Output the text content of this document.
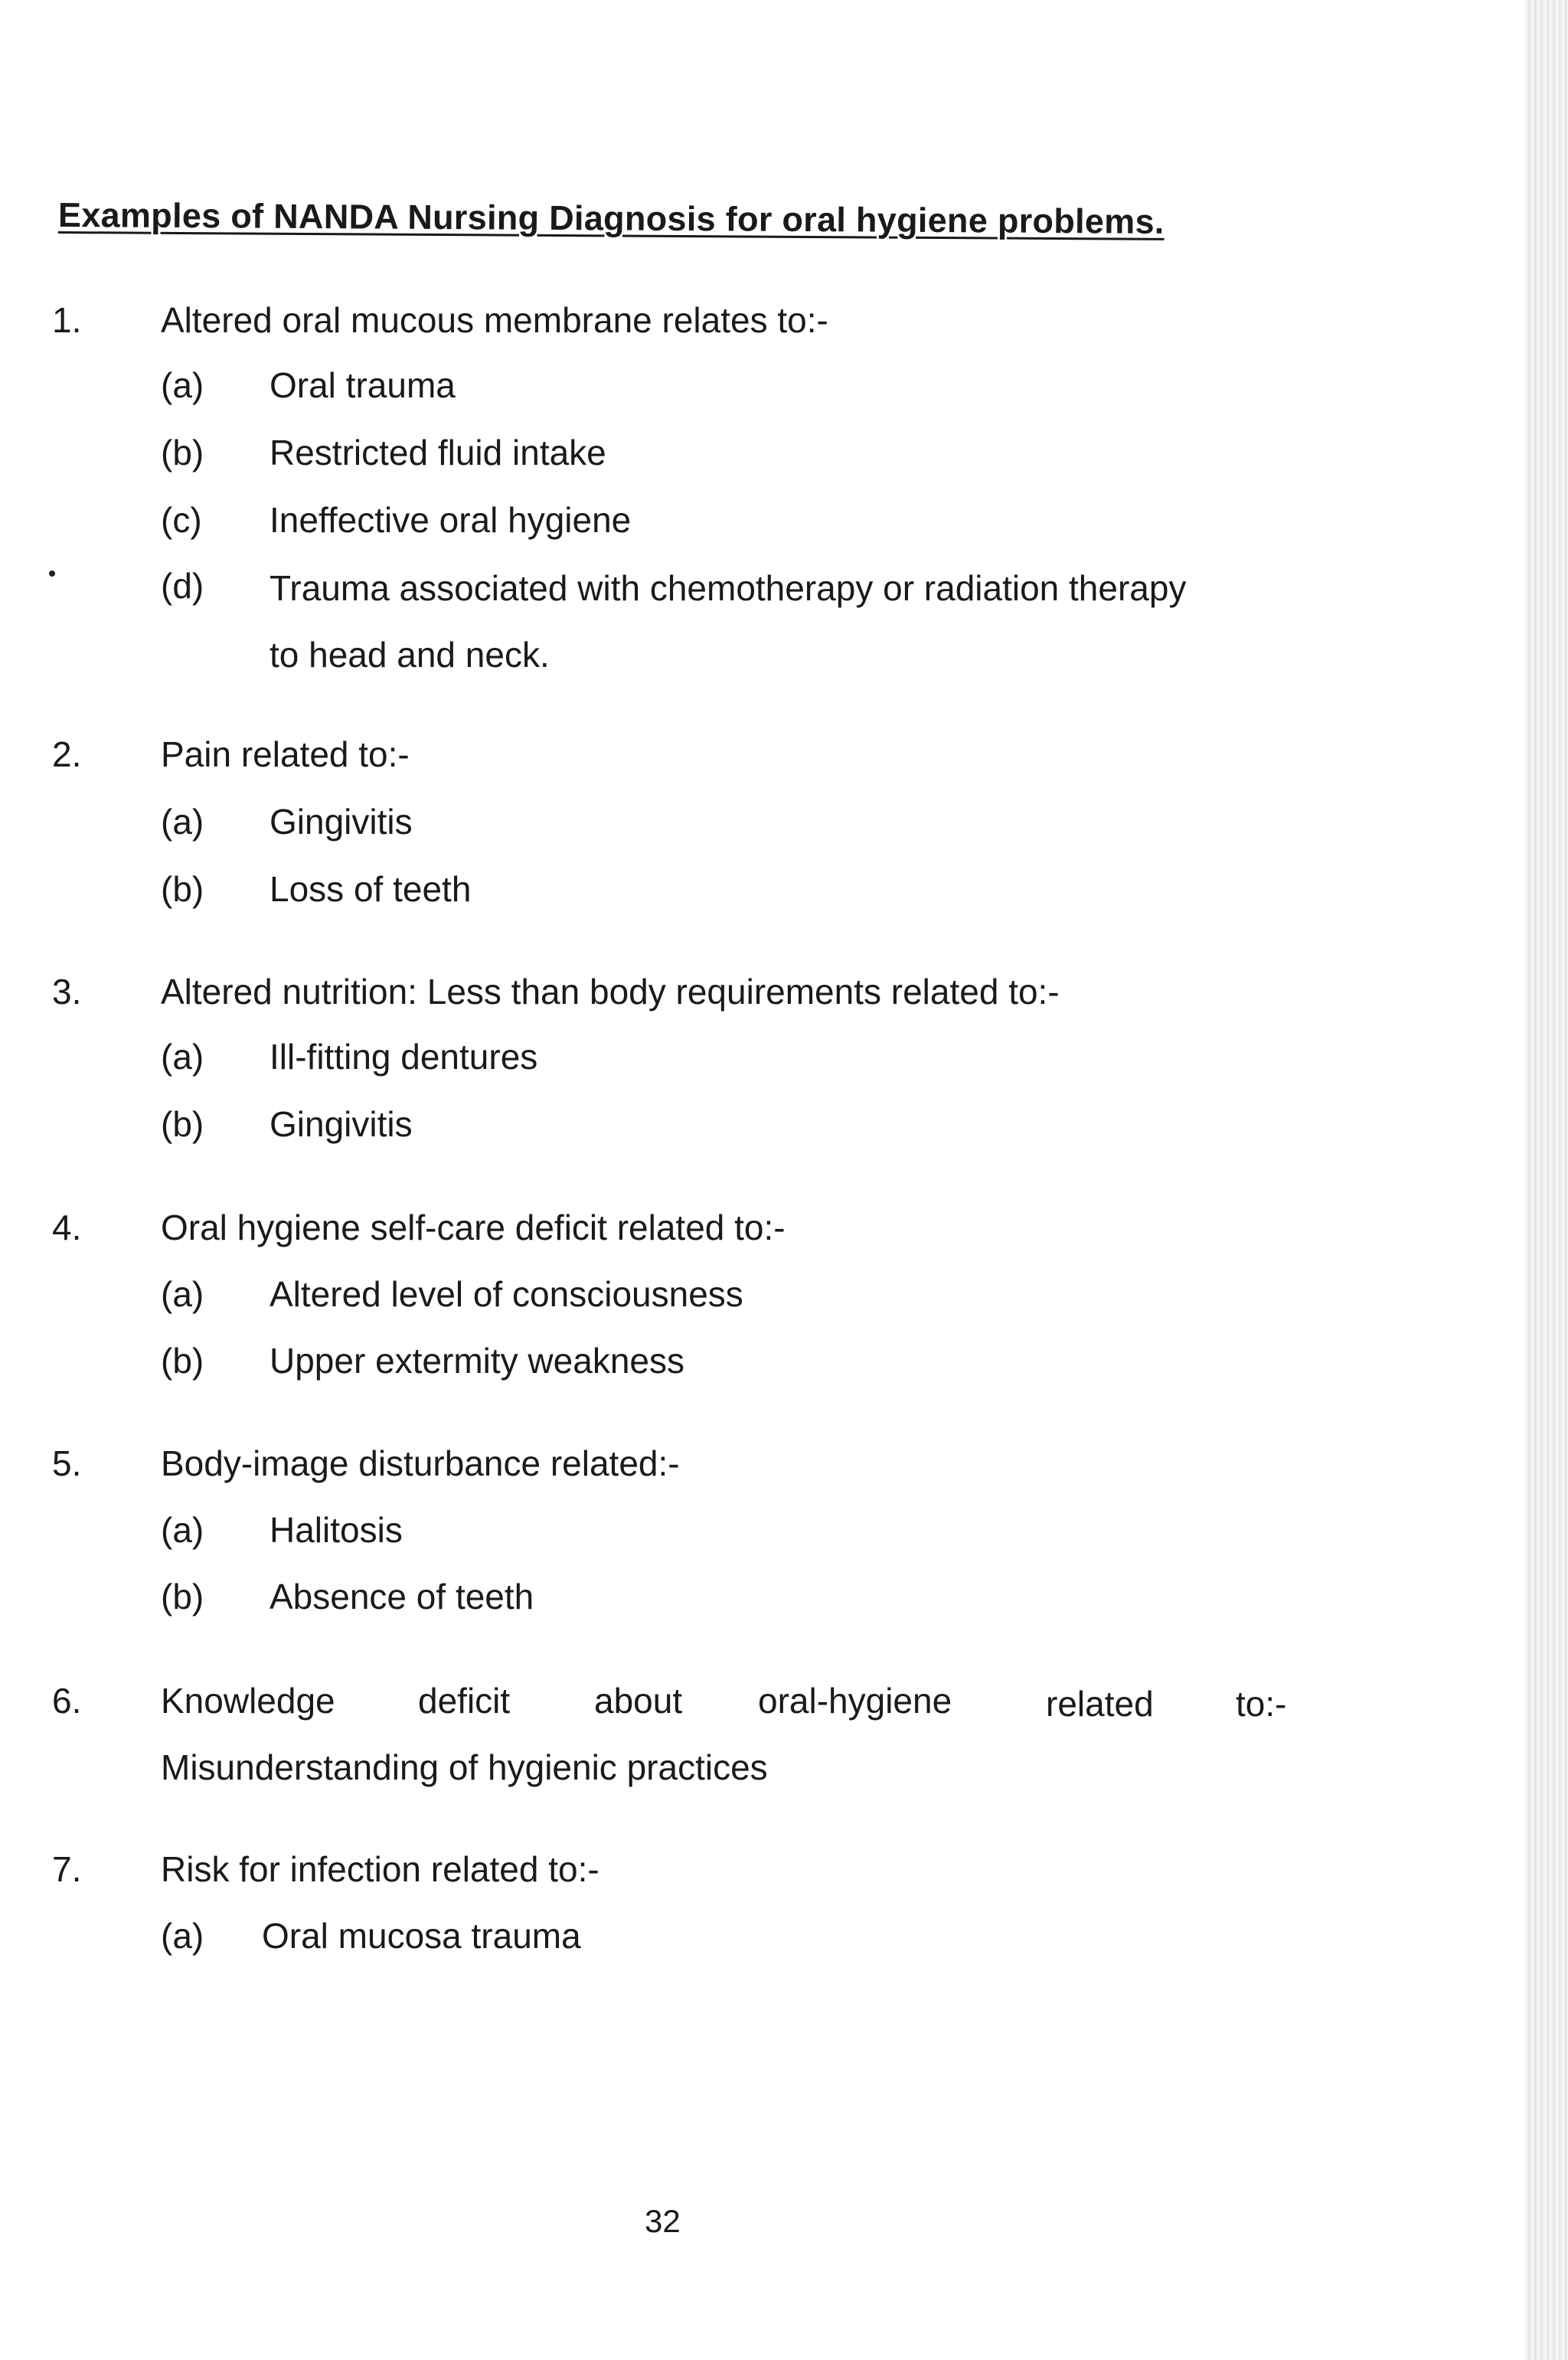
Examples of NANDA Nursing Diagnosis for oral hygiene problems.
1. Altered oral mucous membrane relates to:-
(a) Oral trauma
(b) Restricted fluid intake
(c) Ineffective oral hygiene
(d) Trauma associated with chemotherapy or radiation therapy
to head and neck.
2. Pain related to:-
(a) Gingivitis
(b) Loss of teeth
3. Altered nutrition: Less than body requirements related to:-
(a) Ill-fitting dentures
(b) Gingivitis
4. Oral hygiene self-care deficit related to:-
(a) Altered level of consciousness
(b) Upper extermity weakness
5. Body-image disturbance related:-
(a) Halitosis
(b) Absence of teeth
6. Knowledge deficit about oral-hygiene	related to:-
Misunderstanding of hygienic practices
7. Risk for infection related to:-
(a) Oral mucosa trauma
32
